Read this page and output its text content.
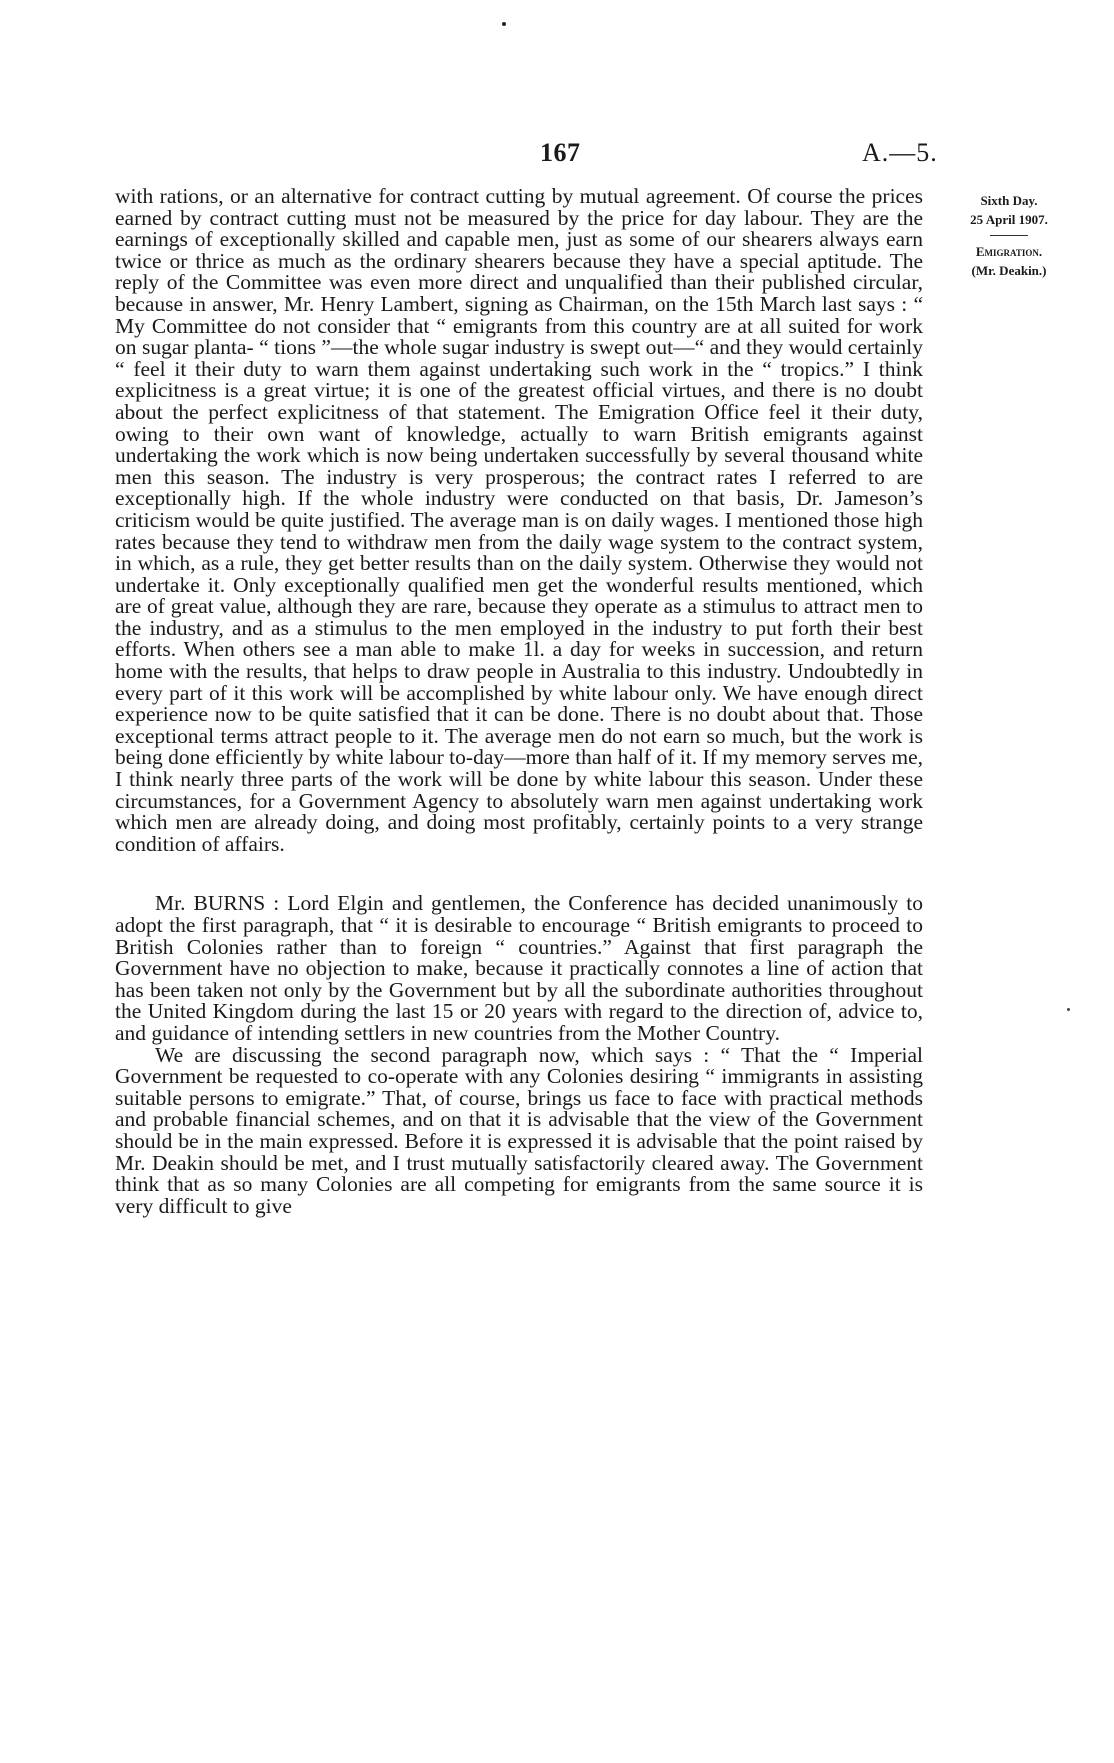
167	A.—5.
Sixth Day.
25 April 1907.
Emigration.
(Mr. Deakin.)

with rations, or an alternative for contract cutting by mutual agreement. Of course the prices earned by contract cutting must not be measured by the price for day labour. They are the earnings of exceptionally skilled and capable men, just as some of our shearers always earn twice or thrice as much as the ordinary shearers because they have a special aptitude. The reply of the Committee was even more direct and unqualified than their published circular, because in answer, Mr. Henry Lambert, signing as Chairman, on the 15th March last says : “ My Committee do not consider that “ emigrants from this country are at all suited for work on sugar planta- “ tions ”—the whole sugar industry is swept out—“ and they would certainly “ feel it their duty to warn them against undertaking such work in the “ tropics.” I think explicitness is a great virtue; it is one of the greatest official virtues, and there is no doubt about the perfect explicitness of that statement. The Emigration Office feel it their duty, owing to their own want of knowledge, actually to warn British emigrants against undertaking the work which is now being undertaken successfully by several thousand white men this season. The industry is very prosperous; the contract rates I referred to are exceptionally high. If the whole industry were conducted on that basis, Dr. Jameson’s criticism would be quite justified. The average man is on daily wages. I mentioned those high rates because they tend to withdraw men from the daily wage system to the contract system, in which, as a rule, they get better results than on the daily system. Otherwise they would not undertake it. Only exceptionally qualified men get the wonderful results mentioned, which are of great value, although they are rare, because they operate as a stimulus to attract men to the industry, and as a stimulus to the men employed in the industry to put forth their best efforts. When others see a man able to make 1l. a day for weeks in succession, and return home with the results, that helps to draw people in Australia to this industry. Undoubtedly in every part of it this work will be accomplished by white labour only. We have enough direct experience now to be quite satisfied that it can be done. There is no doubt about that. Those exceptional terms attract people to it. The average men do not earn so much, but the work is being done efficiently by white labour to-day—more than half of it. If my memory serves me, I think nearly three parts of the work will be done by white labour this season. Under these circumstances, for a Government Agency to absolutely warn men against undertaking work which men are already doing, and doing most profitably, certainly points to a very strange condition of affairs.

Mr. BURNS : Lord Elgin and gentlemen, the Conference has decided unanimously to adopt the first paragraph, that “ it is desirable to encourage “ British emigrants to proceed to British Colonies rather than to foreign “ countries.” Against that first paragraph the Government have no objection to make, because it practically connotes a line of action that has been taken not only by the Government but by all the subordinate authorities throughout the United Kingdom during the last 15 or 20 years with regard to the direction of, advice to, and guidance of intending settlers in new countries from the Mother Country.

We are discussing the second paragraph now, which says : “ That the “ Imperial Government be requested to co-operate with any Colonies desiring “ immigrants in assisting suitable persons to emigrate.” That, of course, brings us face to face with practical methods and probable financial schemes, and on that it is advisable that the view of the Government should be in the main expressed. Before it is expressed it is advisable that the point raised by Mr. Deakin should be met, and I trust mutually satisfactorily cleared away. The Government think that as so many Colonies are all competing for emigrants from the same source it is very difficult to give
